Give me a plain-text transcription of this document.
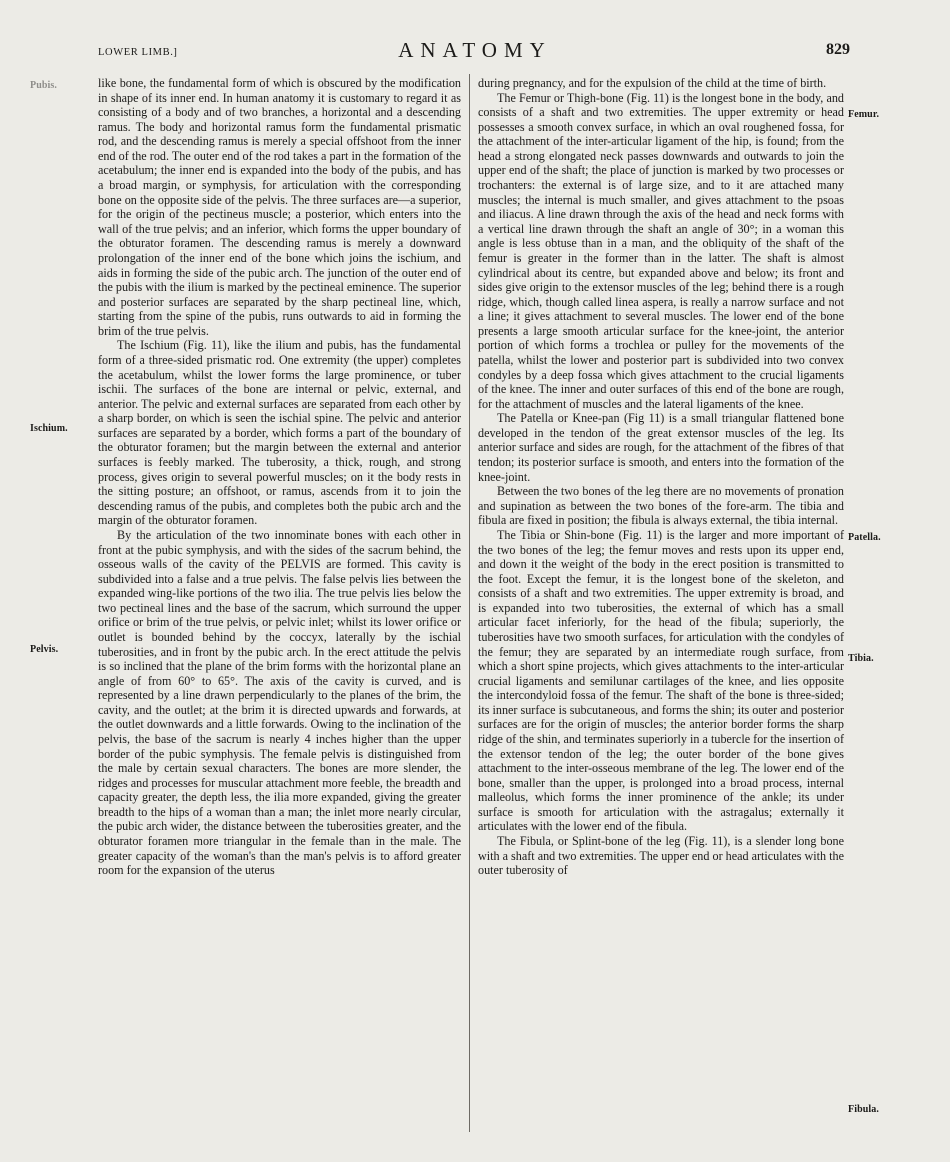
LOWER LIMB.]	ANATOMY	829

like bone, the fundamental form of which is obscured by the modification in shape of its inner end. In human anatomy it is customary to regard it as consisting of a body and of two branches, a horizontal and a descending ramus. The body and horizontal ramus form the fundamental prismatic rod, and the descending ramus is merely a special offshoot from the inner end of the rod. The outer end of the rod takes a part in the formation of the acetabulum; the inner end is expanded into the body of the pubis, and has a broad margin, or symphysis, for articulation with the corresponding bone on the opposite side of the pelvis. The three surfaces are—a superior, for the origin of the pectineus muscle; a posterior, which enters into the wall of the true pelvis; and an inferior, which forms the upper boundary of the obturator foramen. The descending ramus is merely a downward prolongation of the inner end of the bone which joins the ischium, and aids in forming the side of the pubic arch. The junction of the outer end of the pubis with the ilium is marked by the pectineal eminence. The superior and posterior surfaces are separated by the sharp pectineal line, which, starting from the spine of the pubis, runs outwards to aid in forming the brim of the true pelvis.

The Ischium (Fig. 11), like the ilium and pubis, has the fundamental form of a three-sided prismatic rod. One extremity (the upper) completes the acetabulum, whilst the lower forms the large prominence, or tuber ischii. The surfaces of the bone are internal or pelvic, external, and anterior. The pelvic and external surfaces are separated from each other by a sharp border, on which is seen the ischial spine. The pelvic and anterior surfaces are separated by a border, which forms a part of the boundary of the obturator foramen; but the margin between the external and anterior surfaces is feebly marked. The tuberosity, a thick, rough, and strong process, gives origin to several powerful muscles; on it the body rests in the sitting posture; an offshoot, or ramus, ascends from it to join the descending ramus of the pubis, and completes both the pubic arch and the margin of the obturator foramen.

By the articulation of the two innominate bones with each other in front at the pubic symphysis, and with the sides of the sacrum behind, the osseous walls of the cavity of the PELVIS are formed. This cavity is subdivided into a false and a true pelvis. The false pelvis lies between the expanded wing-like portions of the two ilia. The true pelvis lies below the two pectineal lines and the base of the sacrum, which surround the upper orifice or brim of the true pelvis, or pelvic inlet; whilst its lower orifice or outlet is bounded behind by the coccyx, laterally by the ischial tuberosities, and in front by the pubic arch. In the erect attitude the pelvis is so inclined that the plane of the brim forms with the horizontal plane an angle of from 60° to 65°. The axis of the cavity is curved, and is represented by a line drawn perpendicularly to the planes of the brim, the cavity, and the outlet; at the brim it is directed upwards and forwards, at the outlet downwards and a little forwards. Owing to the inclination of the pelvis, the base of the sacrum is nearly 4 inches higher than the upper border of the pubic symphysis. The female pelvis is distinguished from the male by certain sexual characters. The bones are more slender, the ridges and processes for muscular attachment more feeble, the breadth and capacity greater, the depth less, the ilia more expanded, giving the greater breadth to the hips of a woman than a man; the inlet more nearly circular, the pubic arch wider, the distance between the tuberosities greater, and the obturator foramen more triangular in the female than in the male. The greater capacity of the woman's than the man's pelvis is to afford greater room for the expansion of the uterus

during pregnancy, and for the expulsion of the child at the time of birth.

The Femur or Thigh-bone (Fig. 11) is the longest bone in the body, and consists of a shaft and two extremities. The upper extremity or head possesses a smooth convex surface, in which an oval roughened fossa, for the attachment of the inter-articular ligament of the hip, is found; from the head a strong elongated neck passes downwards and outwards to join the upper end of the shaft; the place of junction is marked by two processes or trochanters: the external is of large size, and to it are attached many muscles; the internal is much smaller, and gives attachment to the psoas and iliacus. A line drawn through the axis of the head and neck forms with a vertical line drawn through the shaft an angle of 30°; in a woman this angle is less obtuse than in a man, and the obliquity of the shaft of the femur is greater in the former than in the latter. The shaft is almost cylindrical about its centre, but expanded above and below; its front and sides give origin to the extensor muscles of the leg; behind there is a rough ridge, which, though called linea aspera, is really a narrow surface and not a line; it gives attachment to several muscles. The lower end of the bone presents a large smooth articular surface for the knee-joint, the anterior portion of which forms a trochlea or pulley for the movements of the patella, whilst the lower and posterior part is subdivided into two convex condyles by a deep fossa which gives attachment to the crucial ligaments of the knee. The inner and outer surfaces of this end of the bone are rough, for the attachment of muscles and the lateral ligaments of the knee.

The Patella or Knee-pan (Fig 11) is a small triangular flattened bone developed in the tendon of the great extensor muscles of the leg. Its anterior surface and sides are rough, for the attachment of the fibres of that tendon; its posterior surface is smooth, and enters into the formation of the knee-joint.

Between the two bones of the leg there are no movements of pronation and supination as between the two bones of the fore-arm. The tibia and fibula are fixed in position; the fibula is always external, the tibia internal.

The Tibia or Shin-bone (Fig. 11) is the larger and more important of the two bones of the leg; the femur moves and rests upon its upper end, and down it the weight of the body in the erect position is transmitted to the foot. Except the femur, it is the longest bone of the skeleton, and consists of a shaft and two extremities. The upper extremity is broad, and is expanded into two tuberosities, the external of which has a small articular facet inferiorly, for the head of the fibula; superiorly, the tuberosities have two smooth surfaces, for articulation with the condyles of the femur; they are separated by an intermediate rough surface, from which a short spine projects, which gives attachments to the inter-articular crucial ligaments and semilunar cartilages of the knee, and lies opposite the intercondyloid fossa of the femur. The shaft of the bone is three-sided; its inner surface is subcutaneous, and forms the shin; its outer and posterior surfaces are for the origin of muscles; the anterior border forms the sharp ridge of the shin, and terminates superiorly in a tubercle for the insertion of the extensor tendon of the leg; the outer border of the bone gives attachment to the inter-osseous membrane of the leg. The lower end of the bone, smaller than the upper, is prolonged into a broad process, internal malleolus, which forms the inner prominence of the ankle; its under surface is smooth for articulation with the astragalus; externally it articulates with the lower end of the fibula.

The Fibula, or Splint-bone of the leg (Fig. 11), is a slender long bone with a shaft and two extremities. The upper end or head articulates with the outer tuberosity of

Pubis.
Ischium.
Pelvis.
Femur.
Patella.
Tibia.
Fibula.
